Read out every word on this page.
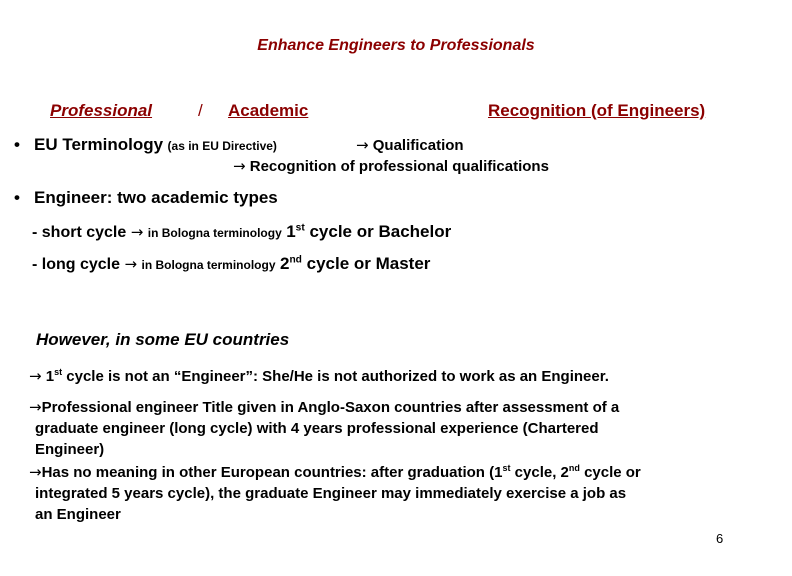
Enhance Engineers to Professionals
Professional	/ Academic	Recognition (of Engineers)
• EU Terminology (as in EU Directive)	→ Qualification
→ Recognition of professional qualifications
• Engineer: two academic types
- short cycle → in Bologna terminology 1st cycle or Bachelor
- long cycle → in Bologna terminology 2nd cycle or Master
However, in some EU countries
→ 1st cycle is not an “Engineer”: She/He is not authorized to work as an Engineer.
→Professional engineer Title given in Anglo-Saxon countries after assessment of a
graduate engineer (long cycle) with 4 years professional experience (Chartered
Engineer)
→Has no meaning in other European countries: after graduation (1st cycle, 2nd cycle or
integrated 5 years cycle), the graduate Engineer may immediately exercise a job as
an Engineer
6
